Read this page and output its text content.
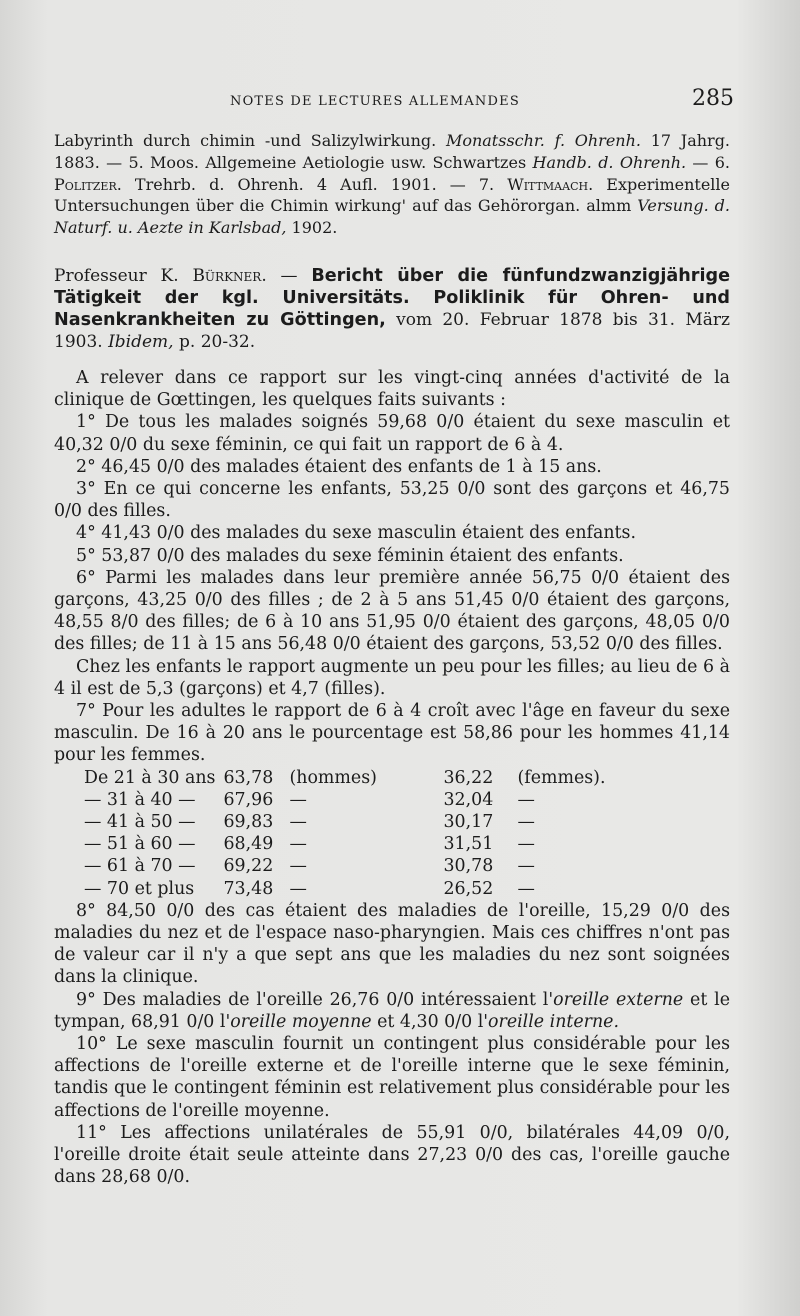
NOTES DE LECTURES ALLEMANDES	285

Labyrinth durch chimin -und Salizylwirkung. Monatsschr. f. Ohrenh. 17 Jahrg. 1883. — 5. Moos. Allgemeine Aetiologie usw. Schwartzes Handb. d. Ohrenh. — 6. Politzer. Trehrb. d. Ohrenh. 4 Aufl. 1901. — 7. Wittmaach. Experimentelle Untersuchungen über die Chimin wirkung' auf das Gehörorgan. almm Versung. d. Naturf. u. Aezte in Karlsbad, 1902.

Professeur K. Bürkner. — Bericht über die fünfundzwanzigjährige Tätigkeit der kgl. Universitäts. Poliklinik für Ohren- und Nasenkrankheiten zu Göttingen, vom 20. Februar 1878 bis 31. März 1903. Ibidem, p. 20-32.

A relever dans ce rapport sur les vingt-cinq années d'activité de la clinique de Gœttingen, les quelques faits suivants :

1° De tous les malades soignés 59,68 0/0 étaient du sexe masculin et 40,32 0/0 du sexe féminin, ce qui fait un rapport de 6 à 4.

2° 46,45 0/0 des malades étaient des enfants de 1 à 15 ans.

3° En ce qui concerne les enfants, 53,25 0/0 sont des garçons et 46,75 0/0 des filles.

4° 41,43 0/0 des malades du sexe masculin étaient des enfants.

5° 53,87 0/0 des malades du sexe féminin étaient des enfants.

6° Parmi les malades dans leur première année 56,75 0/0 étaient des garçons, 43,25 0/0 des filles ; de 2 à 5 ans 51,45 0/0 étaient des garçons, 48,55 8/0 des filles; de 6 à 10 ans 51,95 0/0 étaient des garçons, 48,05 0/0 des filles; de 11 à 15 ans 56,48 0/0 étaient des garçons, 53,52 0/0 des filles.

Chez les enfants le rapport augmente un peu pour les filles; au lieu de 6 à 4 il est de 5,3 (garçons) et 4,7 (filles).

7° Pour les adultes le rapport de 6 à 4 croît avec l'âge en faveur du sexe masculin. De 16 à 20 ans le pourcentage est 58,86 pour les hommes 41,14 pour les femmes.

De 21 à 30 ans	63,78	(hommes)	36,22	(femmes).
— 31 à 40 —	67,96	—	32,04	—
— 41 à 50 —	69,83	—	30,17	—
— 51 à 60 —	68,49	—	31,51	—
— 61 à 70 —	69,22	—	30,78	—
— 70 et plus	73,48	—	26,52	—

8° 84,50 0/0 des cas étaient des maladies de l'oreille, 15,29 0/0 des maladies du nez et de l'espace naso-pharyngien. Mais ces chiffres n'ont pas de valeur car il n'y a que sept ans que les maladies du nez sont soignées dans la clinique.

9° Des maladies de l'oreille 26,76 0/0 intéressaient l'oreille externe et le tympan, 68,91 0/0 l'oreille moyenne et 4,30 0/0 l'oreille interne.

10° Le sexe masculin fournit un contingent plus considérable pour les affections de l'oreille externe et de l'oreille interne que le sexe féminin, tandis que le contingent féminin est relativement plus considérable pour les affections de l'oreille moyenne.

11° Les affections unilatérales de 55,91 0/0, bilatérales 44,09 0/0, l'oreille droite était seule atteinte dans 27,23 0/0 des cas, l'oreille gauche dans 28,68 0/0.
